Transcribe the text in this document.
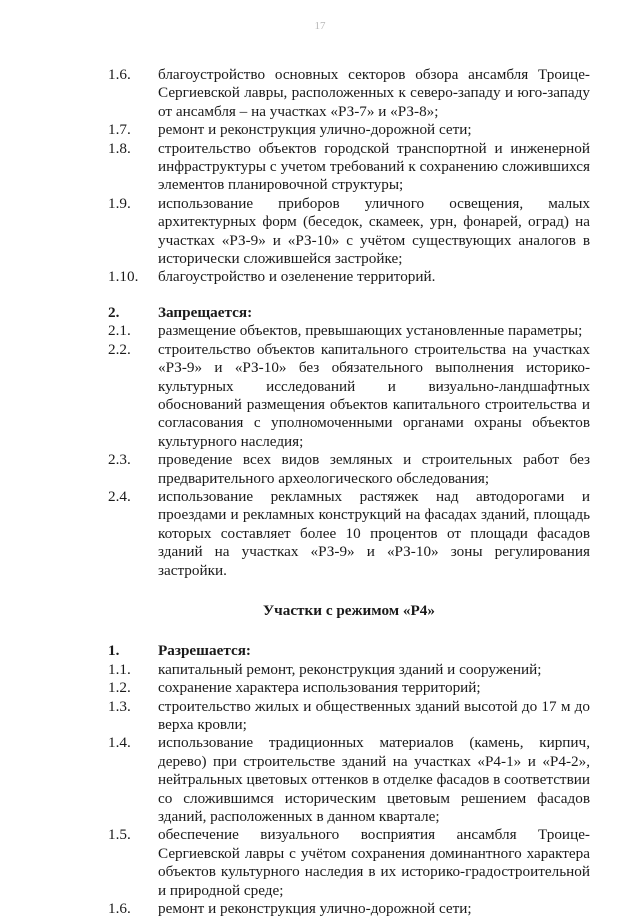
17
1.6.	благоустройство основных секторов обзора ансамбля Троице-Сергиевской лавры, расположенных к северо-западу и юго-западу от ансамбля – на участках «РЗ-7» и «РЗ-8»;
1.7.	ремонт и реконструкция улично-дорожной сети;
1.8.	строительство объектов городской транспортной и инженерной инфраструктуры с учетом требований к сохранению сложившихся элементов планировочной структуры;
1.9.	использование приборов уличного освещения, малых архитектурных форм (беседок, скамеек, урн, фонарей, оград) на участках «РЗ-9» и «РЗ-10» с учётом существующих аналогов в исторически сложившейся застройке;
1.10.	благоустройство и озеленение территорий.
2.	Запрещается:
2.1.	размещение объектов, превышающих установленные параметры;
2.2.	строительство объектов капитального строительства на участках «РЗ-9» и «РЗ-10» без обязательного выполнения историко-культурных исследований и визуально-ландшафтных обоснований размещения объектов капитального строительства и согласования с уполномоченными органами охраны объектов культурного наследия;
2.3.	проведение всех видов земляных и строительных работ без предварительного археологического обследования;
2.4.	использование рекламных растяжек над автодорогами и проездами и рекламных конструкций на фасадах зданий, площадь которых составляет более 10 процентов от площади фасадов зданий на участках «РЗ-9» и «РЗ-10» зоны регулирования застройки.
Участки с режимом «Р4»
1.	Разрешается:
1.1.	капитальный ремонт, реконструкция зданий и сооружений;
1.2.	сохранение характера использования территорий;
1.3.	строительство жилых и общественных зданий высотой до 17 м до верха кровли;
1.4.	использование традиционных материалов (камень, кирпич, дерево) при строительстве зданий на участках «Р4-1» и «Р4-2», нейтральных цветовых оттенков в отделке фасадов в соответствии со сложившимся историческим цветовым решением фасадов зданий, расположенных в данном квартале;
1.5.	обеспечение визуального восприятия ансамбля Троице-Сергиевской лавры с учётом сохранения доминантного характера объектов культурного наследия в их историко-градостроительной и природной среде;
1.6.	ремонт и реконструкция улично-дорожной сети;
